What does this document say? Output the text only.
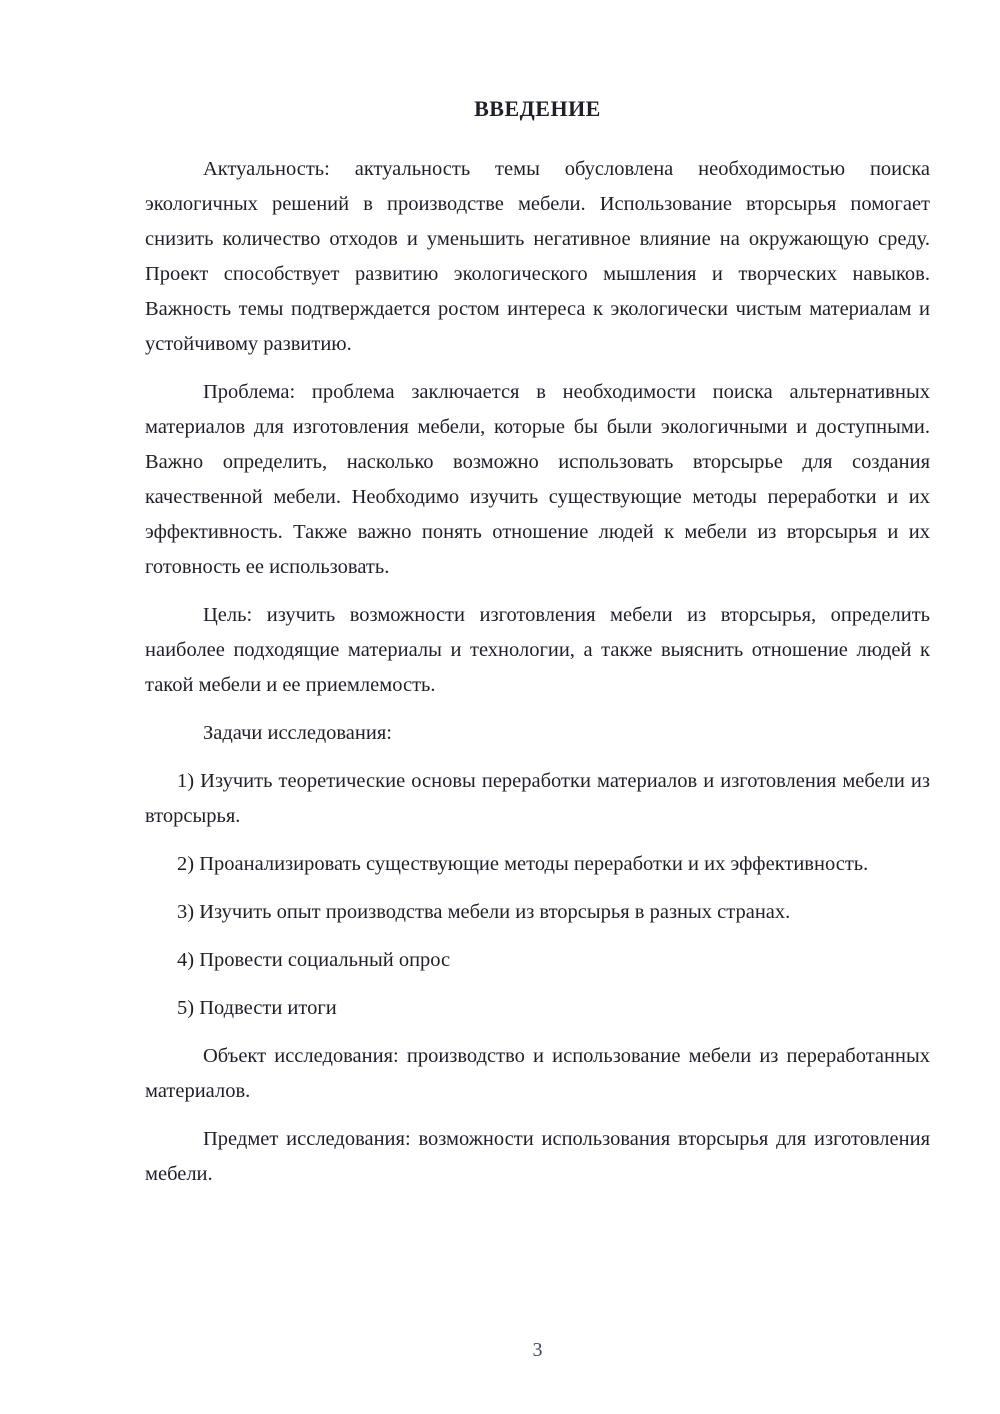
ВВЕДЕНИЕ

Актуальность: актуальность темы обусловлена необходимостью поиска экологичных решений в производстве мебели. Использование вторсырья помогает снизить количество отходов и уменьшить негативное влияние на окружающую среду. Проект способствует развитию экологического мышления и творческих навыков. Важность темы подтверждается ростом интереса к экологически чистым материалам и устойчивому развитию.

Проблема: проблема заключается в необходимости поиска альтернативных материалов для изготовления мебели, которые бы были экологичными и доступными. Важно определить, насколько возможно использовать вторсырье для создания качественной мебели. Необходимо изучить существующие методы переработки и их эффективность. Также важно понять отношение людей к мебели из вторсырья и их готовность ее использовать.

Цель: изучить возможности изготовления мебели из вторсырья, определить наиболее подходящие материалы и технологии, а также выяснить отношение людей к такой мебели и ее приемлемость.

Задачи исследования:

1) Изучить теоретические основы переработки материалов и изготовления мебели из вторсырья.

2) Проанализировать существующие методы переработки и их эффективность.

3) Изучить опыт производства мебели из вторсырья в разных странах.

4) Провести социальный опрос

5) Подвести итоги

Объект исследования: производство и использование мебели из переработанных материалов.

Предмет исследования: возможности использования вторсырья для изготовления мебели.

3
